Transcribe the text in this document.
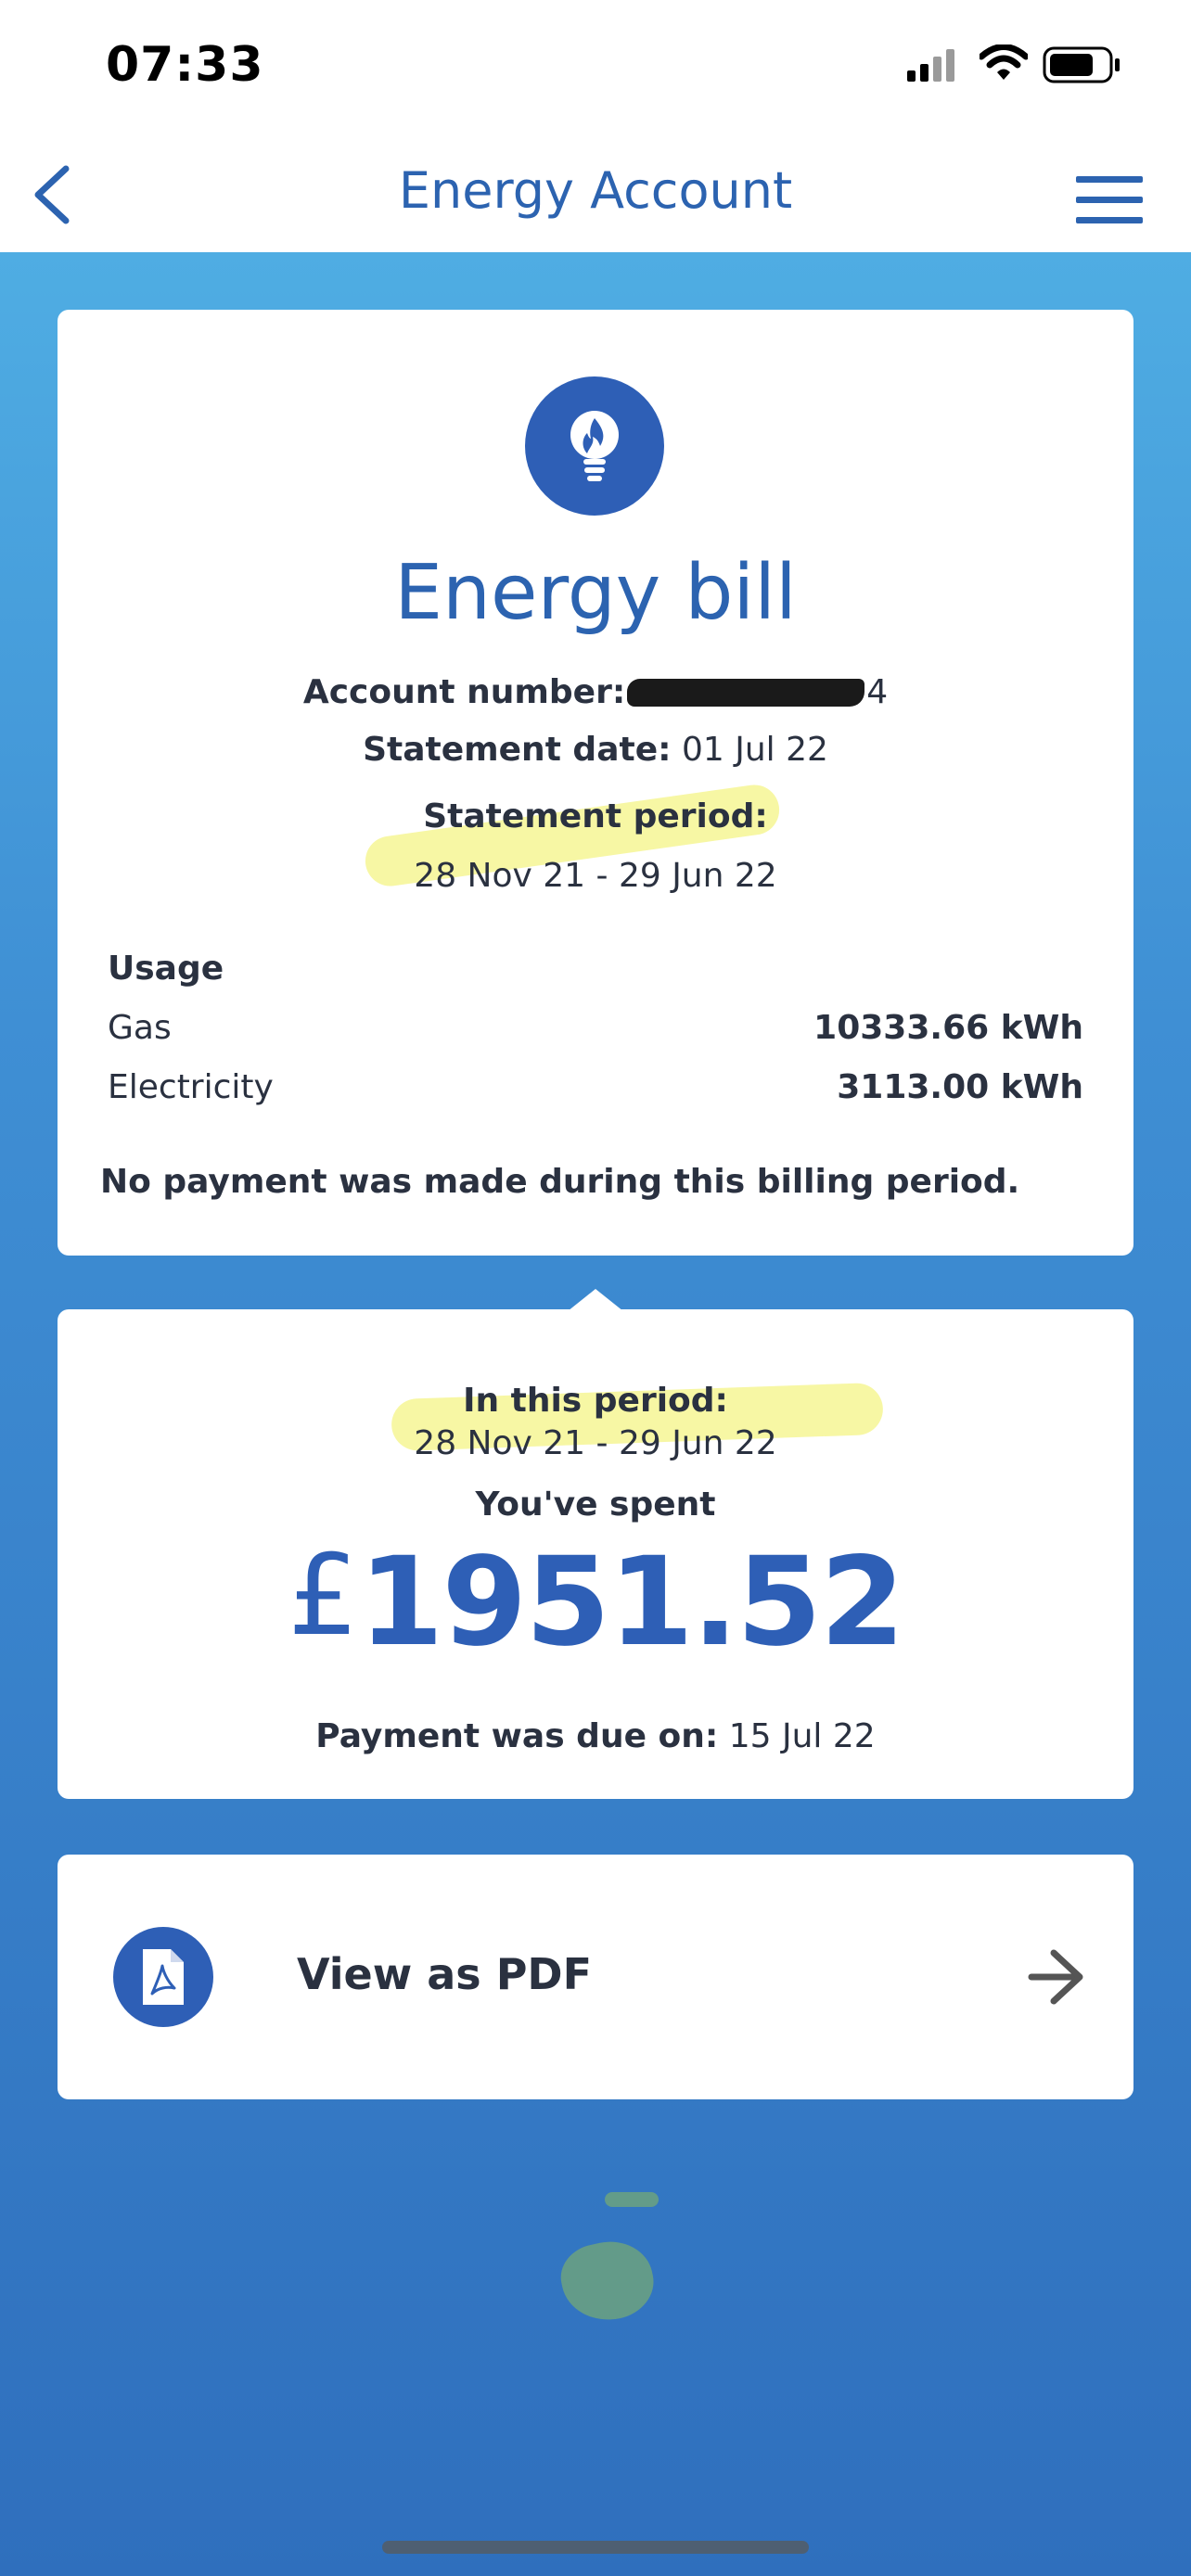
07:33
Energy Account
Energy bill
Account number:	4
Statement date: 01 Jul 22
Statement period:
28 Nov 21 - 29 Jun 22
Usage
Gas	10333.66 kWh
Electricity	3113.00 kWh
No payment was made during this billing period.
In this period:
28 Nov 21 - 29 Jun 22
You've spent
£1951.52
Payment was due on: 15 Jul 22
View as PDF
